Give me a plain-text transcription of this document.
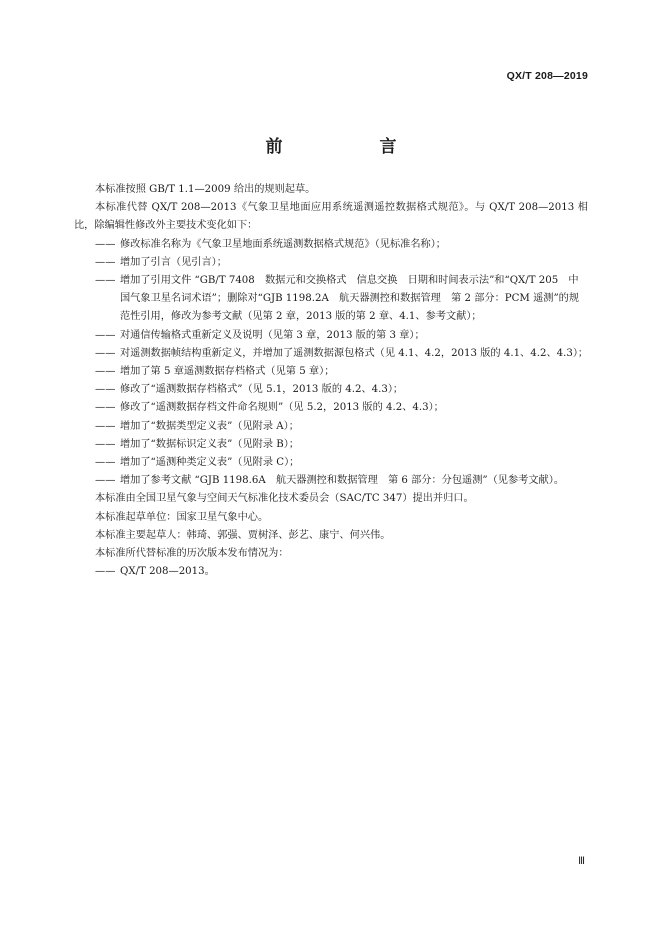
QX/T 208—2019
前　言
本标准按照 GB/T 1.1—2009 给出的规则起草。
本标准代替 QX/T 208—2013《气象卫星地面应用系统遥测遥控数据格式规范》。与 QX/T 208—2013 相比，除编辑性修改外主要技术变化如下：
—— 修改标准名称为《气象卫星地面系统遥测数据格式规范》（见标准名称）；
—— 增加了引言（见引言）；
—— 增加了引用文件 “GB/T 7408　数据元和交换格式　信息交换　日期和时间表示法”和“QX/T 205　中国气象卫星名词术语”；删除对“GJB 1198.2A　航天器测控和数据管理　第 2 部分：PCM 遥测”的规范性引用，修改为参考文献（见第 2 章，2013 版的第 2 章、4.1、参考文献）；
—— 对通信传输格式重新定义及说明（见第 3 章，2013 版的第 3 章）；
—— 对遥测数据帧结构重新定义，并增加了遥测数据源包格式（见 4.1、4.2，2013 版的 4.1、4.2、4.3）；
—— 增加了第 5 章遥测数据存档格式（见第 5 章）；
—— 修改了“遥测数据存档格式”（见 5.1，2013 版的 4.2、4.3）；
—— 修改了“遥测数据存档文件命名规则”（见 5.2，2013 版的 4.2、4.3）；
—— 增加了“数据类型定义表”（见附录 A）；
—— 增加了“数据标识定义表”（见附录 B）；
—— 增加了“遥测种类定义表”（见附录 C）；
—— 增加了参考文献 “GJB 1198.6A　航天器测控和数据管理　第 6 部分：分包遥测”（见参考文献）。
本标准由全国卫星气象与空间天气标准化技术委员会（SAC/TC 347）提出并归口。
本标准起草单位：国家卫星气象中心。
本标准主要起草人：韩琦、郭强、贾树泽、彭艺、康宁、何兴伟。
本标准所代替标准的历次版本发布情况为：
—— QX/T 208—2013。
Ⅲ
